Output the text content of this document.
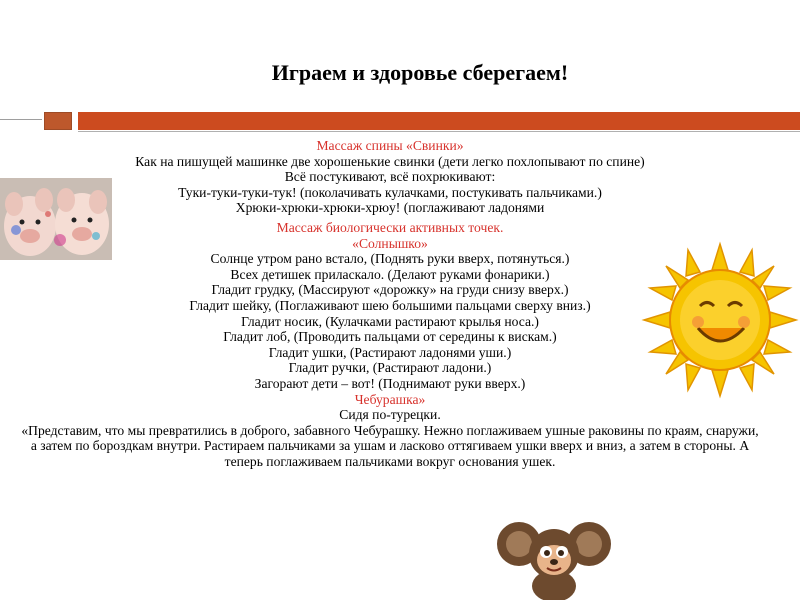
Играем и здоровье сберегаем!
Массаж спины «Свинки»
Как на пишущей машинке две хорошенькие свинки (дети легко похлопывают по спине)
Всё постукивают, всё похрюкивают:
Туки-туки-туки-тук! (поколачивать кулачками, постукивать пальчиками.)
Хрюки-хрюки-хрюки-хрюу! (поглаживают ладонями
Массаж биологически активных точек.
«Солнышко»
Солнце утром рано встало, (Поднять руки вверх, потянуться.)
Всех детишек приласкало. (Делают руками фонарики.)
Гладит грудку, (Массируют «дорожку» на груди снизу вверх.)
Гладит шейку, (Поглаживают шею большими пальцами сверху вниз.)
Гладит носик, (Кулачками растирают крылья носа.)
Гладит лоб, (Проводить пальцами от середины к вискам.)
Гладит ушки, (Растирают ладонями уши.)
Гладит ручки, (Растирают ладони.)
Загорают дети – вот! (Поднимают руки вверх.)
Чебурашка»
Сидя по-турецки.
«Представим, что мы превратились в доброго, забавного Чебурашку. Нежно поглаживаем ушные раковины по краям, снаружи, а затем по бороздкам внутри. Растираем пальчиками за ушам и ласково оттягиваем ушки вверх и вниз, а затем в стороны. А теперь поглаживаем пальчиками вокруг основания ушек.
